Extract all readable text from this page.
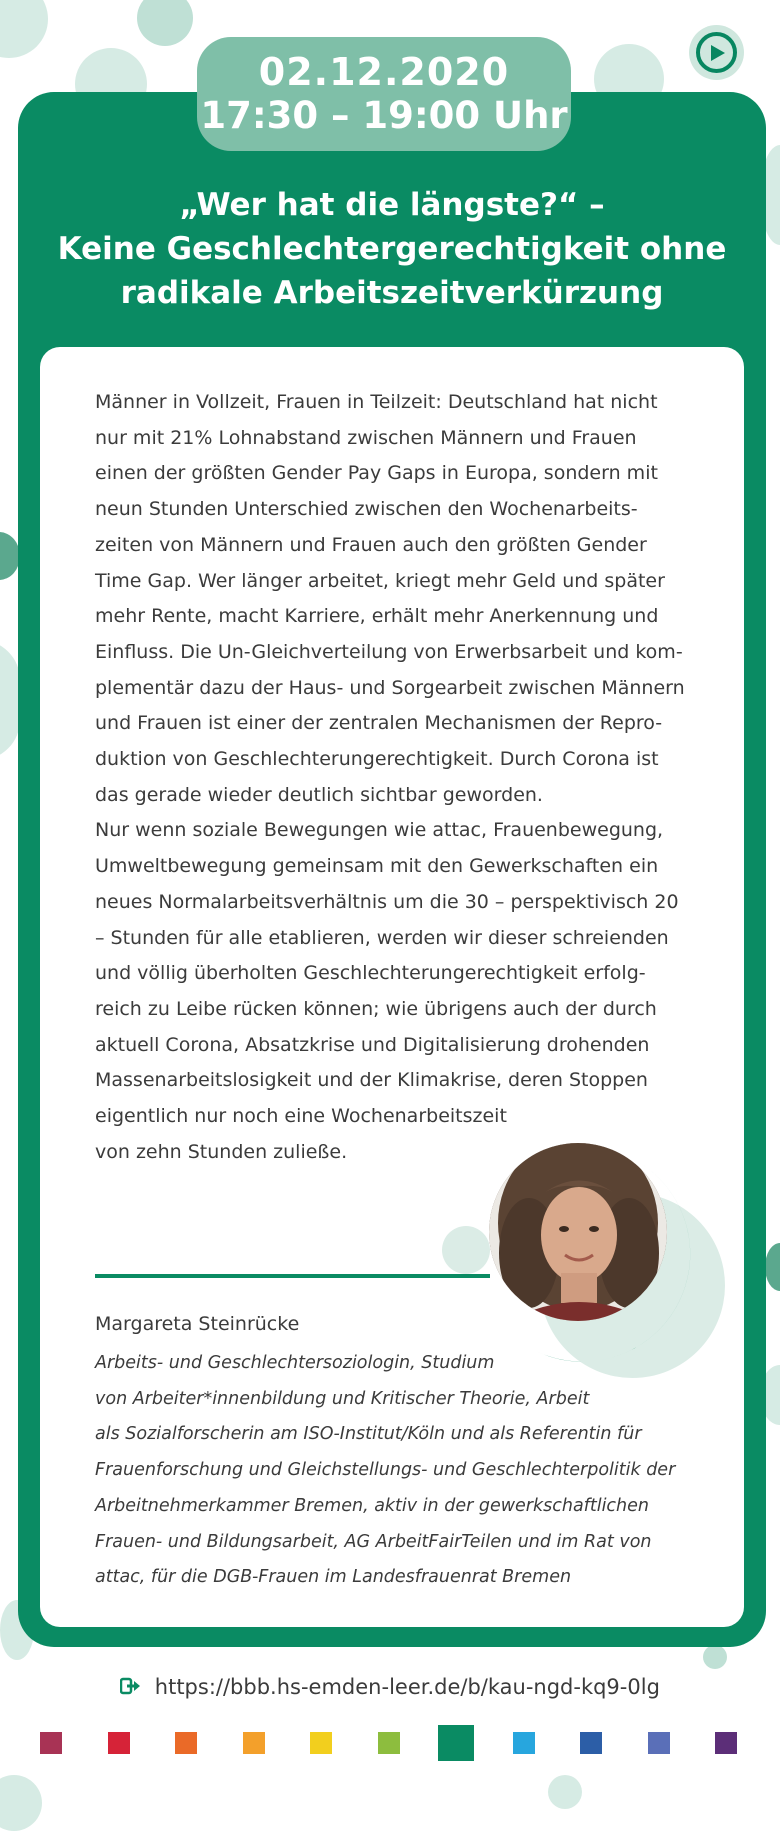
02.12.2020
17:30 – 19:00 Uhr
„Wer hat die längste?“ –
Keine Geschlechtergerechtigkeit ohne
radikale Arbeitszeitverkürzung

Männer in Vollzeit, Frauen in Teilzeit: Deutschland hat nicht

nur mit 21% Lohnabstand zwischen Männern und Frauen

einen der größten Gender Pay Gaps in Europa, sondern mit

neun Stunden Unterschied zwischen den Wochenarbeits-

zeiten von Männern und Frauen auch den größten Gender

Time Gap. Wer länger arbeitet, kriegt mehr Geld und später

mehr Rente, macht Karriere, erhält mehr Anerkennung und

Einfluss. Die Un-Gleichverteilung von Erwerbsarbeit und kom-

plementär dazu der Haus- und Sorgearbeit zwischen Männern

und Frauen ist einer der zentralen Mechanismen der Repro-

duktion von Geschlechterungerechtigkeit. Durch Corona ist

das gerade wieder deutlich sichtbar geworden.

Nur wenn soziale Bewegungen wie attac, Frauenbewegung,

Umweltbewegung gemeinsam mit den Gewerkschaften ein

neues Normalarbeitsverhältnis um die 30 – perspektivisch 20

– Stunden für alle etablieren, werden wir dieser schreienden

und völlig überholten Geschlechterungerechtigkeit erfolg-

reich zu Leibe rücken können; wie übrigens auch der durch

aktuell Corona, Absatzkrise und Digitalisierung drohenden

Massenarbeitslosigkeit und der Klimakrise, deren Stoppen

eigentlich nur noch eine Wochenarbeitszeit

von zehn Stunden zuließe.

Margareta Steinrücke

Arbeits- und Geschlechtersoziologin, Studium

von Arbeiter*innenbildung und Kritischer Theorie, Arbeit

als Sozialforscherin am ISO-Institut/Köln und als Referentin für

Frauenforschung und Gleichstellungs- und Geschlechterpolitik der

Arbeitnehmerkammer Bremen, aktiv in der gewerkschaftlichen

Frauen- und Bildungsarbeit, AG ArbeitFairTeilen und im Rat von

attac, für die DGB-Frauen im Landesfrauenrat Bremen

https://bbb.hs-emden-leer.de/b/kau-ngd-kq9-0lg
